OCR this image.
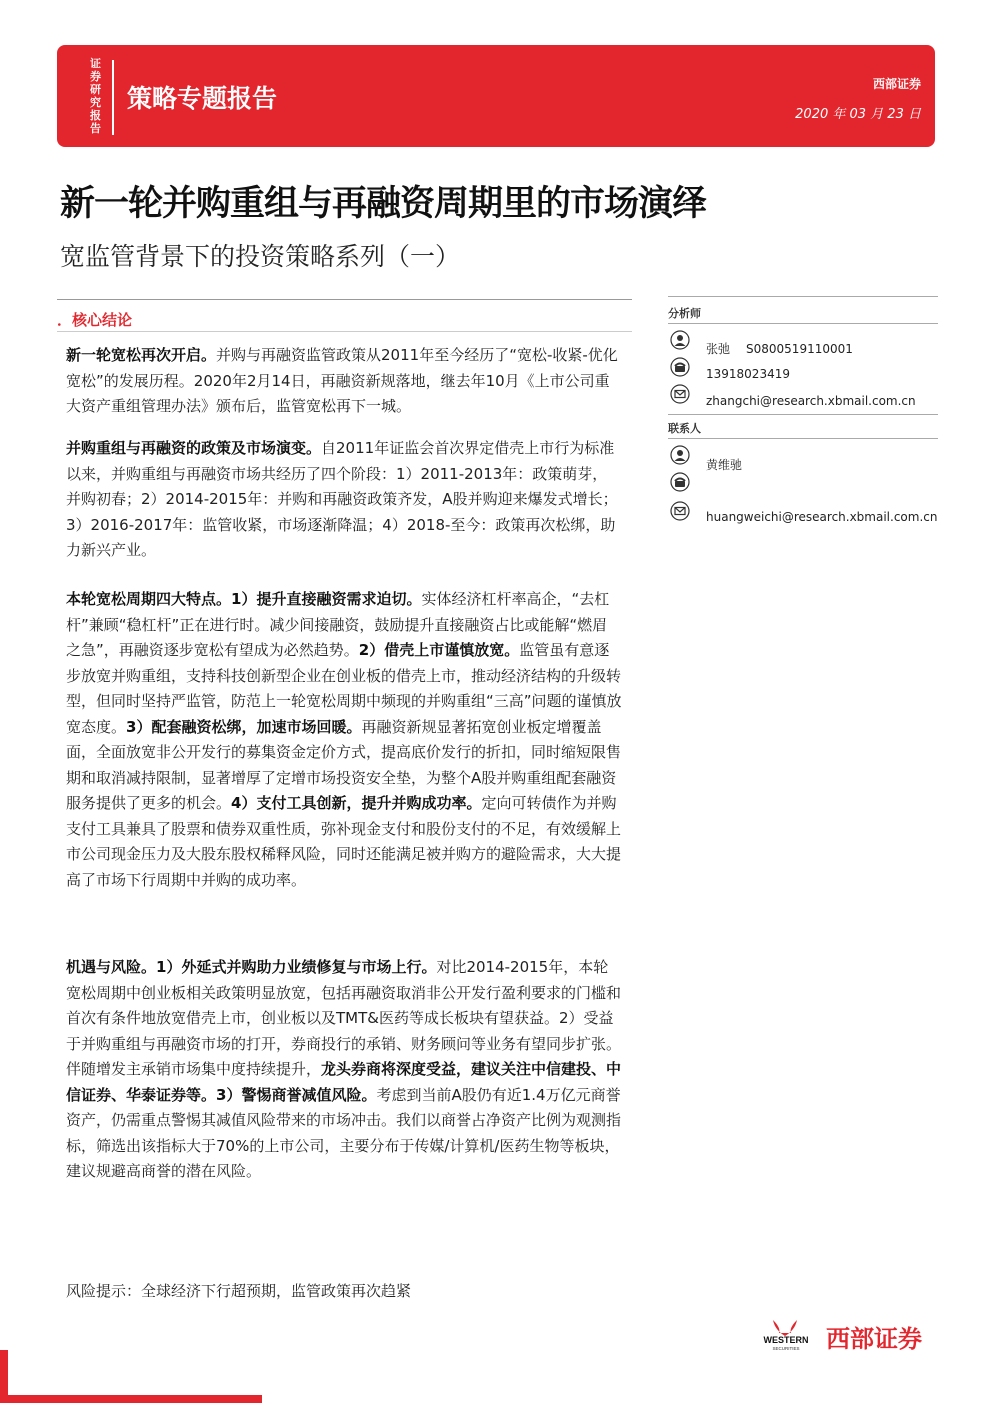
证券研究报告
策略专题报告	西部证券
2020 年 03 月 23 日
新一轮并购重组与再融资周期里的市场演绎
宽监管背景下的投资策略系列（一）
．核心结论

新一轮宽松再次开启。并购与再融资监管政策从2011年至今经历了“宽松-收紧-优化宽松”的发展历程。2020年2月14日，再融资新规落地，继去年10月《上市公司重大资产重组管理办法》颁布后，监管宽松再下一城。

并购重组与再融资的政策及市场演变。自2011年证监会首次界定借壳上市行为标准以来，并购重组与再融资市场共经历了四个阶段：1）2011-2013年：政策萌芽，并购初春；2）2014-2015年：并购和再融资政策齐发，A股并购迎来爆发式增长；3）2016-2017年：监管收紧，市场逐渐降温；4）2018-至今：政策再次松绑，助力新兴产业。

本轮宽松周期四大特点。1）提升直接融资需求迫切。实体经济杠杆率高企，“去杠杆”兼顾“稳杠杆”正在进行时。减少间接融资，鼓励提升直接融资占比或能解“燃眉之急”，再融资逐步宽松有望成为必然趋势。2）借壳上市谨慎放宽。监管虽有意逐步放宽并购重组，支持科技创新型企业在创业板的借壳上市，推动经济结构的升级转型，但同时坚持严监管，防范上一轮宽松周期中频现的并购重组“三高”问题的谨慎放宽态度。3）配套融资松绑，加速市场回暖。再融资新规显著拓宽创业板定增覆盖面，全面放宽非公开发行的募集资金定价方式，提高底价发行的折扣，同时缩短限售期和取消减持限制，显著增厚了定增市场投资安全垫，为整个A股并购重组配套融资服务提供了更多的机会。4）支付工具创新，提升并购成功率。定向可转债作为并购支付工具兼具了股票和债券双重性质，弥补现金支付和股份支付的不足，有效缓解上市公司现金压力及大股东股权稀释风险，同时还能满足被并购方的避险需求，大大提高了市场下行周期中并购的成功率。

机遇与风险。1）外延式并购助力业绩修复与市场上行。对比2014-2015年，本轮宽松周期中创业板相关政策明显放宽，包括再融资取消非公开发行盈利要求的门槛和首次有条件地放宽借壳上市，创业板以及TMT&医药等成长板块有望获益。2）受益于并购重组与再融资市场的打开，券商投行的承销、财务顾问等业务有望同步扩张。伴随增发主承销市场集中度持续提升，龙头券商将深度受益，建议关注中信建投、中信证券、华泰证券等。3）警惕商誉减值风险。考虑到当前A股仍有近1.4万亿元商誉资产，仍需重点警惕其减值风险带来的市场冲击。我们以商誉占净资产比例为观测指标，筛选出该指标大于70%的上市公司，主要分布于传媒/计算机/医药生物等板块，建议规避高商誉的潜在风险。

风险提示：全球经济下行超预期，监管政策再次趋紧
分析师
张弛 S0800519110001
13918023419
zhangchi@research.xbmail.com.cn
联系人
黄维驰
huangweichi@research.xbmail.com.cn
WESTERN
SECURITIES 西部证券
